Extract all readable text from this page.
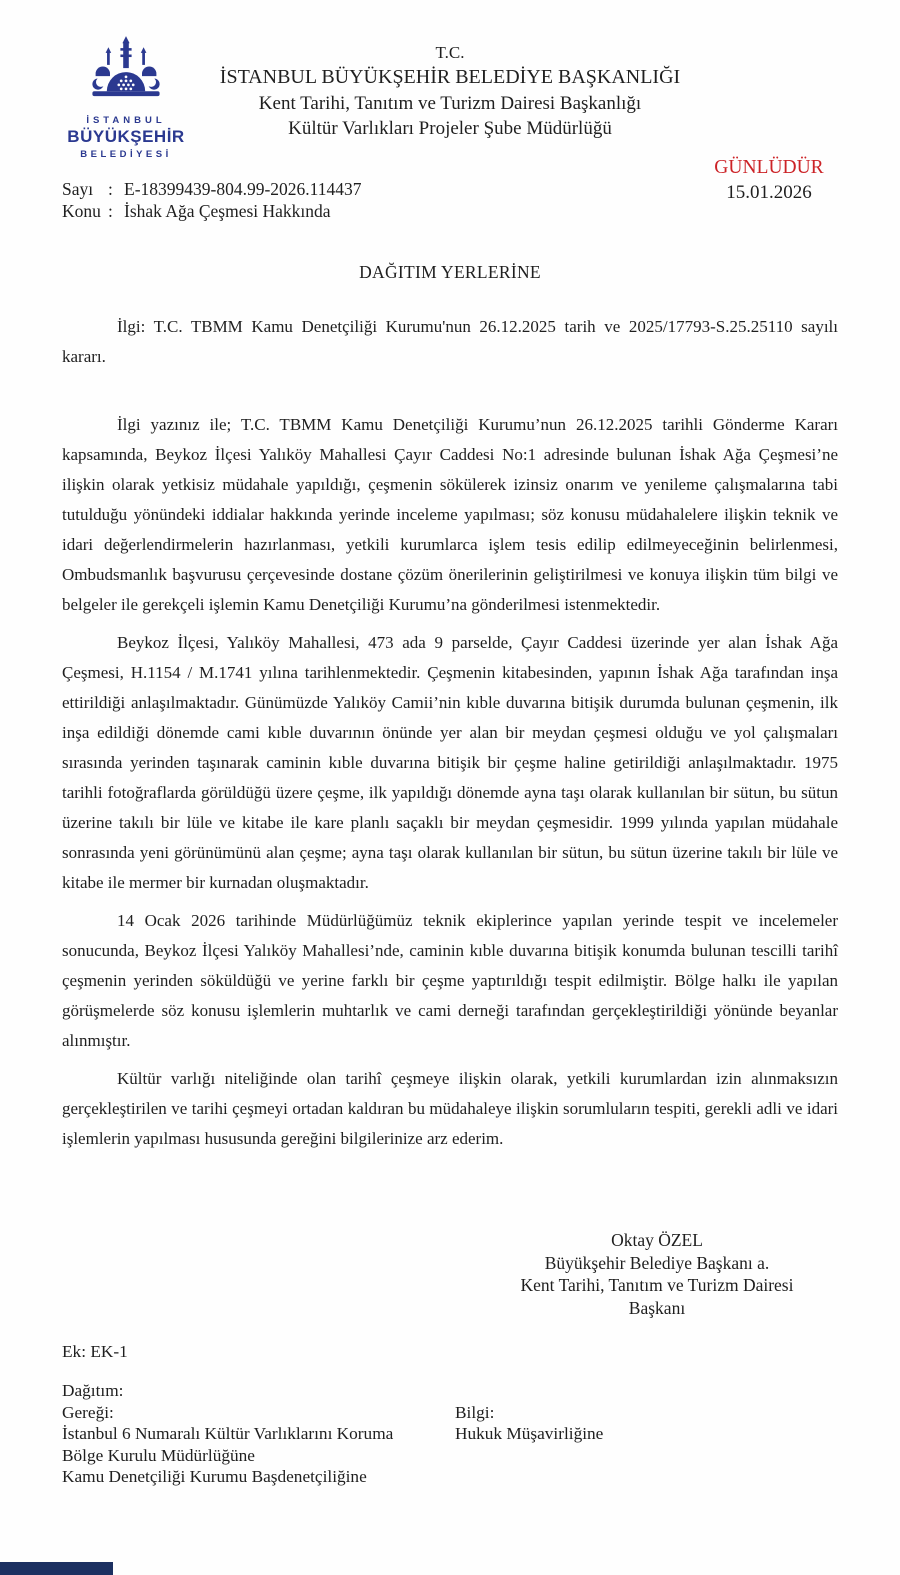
İSTANBUL
BÜYÜKŞEHİR
BELEDİYESİ
T.C.
İSTANBUL BÜYÜKŞEHİR BELEDİYE BAŞKANLIĞI
Kent Tarihi, Tanıtım ve Turizm Dairesi Başkanlığı
Kültür Varlıkları Projeler Şube Müdürlüğü
GÜNLÜDÜR
15.01.2026
Sayı : E-18399439-804.99-2026.114437
Konu : İshak Ağa Çeşmesi Hakkında
DAĞITIM YERLERİNE

İlgi: T.C. TBMM Kamu Denetçiliği Kurumu'nun 26.12.2025 tarih ve 2025/17793-S.25.25110 sayılı kararı.

İlgi yazınız ile; T.C. TBMM Kamu Denetçiliği Kurumu’nun 26.12.2025 tarihli Gönderme Kararı kapsamında, Beykoz İlçesi Yalıköy Mahallesi Çayır Caddesi No:1 adresinde bulunan İshak Ağa Çeşmesi’ne ilişkin olarak yetkisiz müdahale yapıldığı, çeşmenin sökülerek izinsiz onarım ve yenileme çalışmalarına tabi tutulduğu yönündeki iddialar hakkında yerinde inceleme yapılması; söz konusu müdahalelere ilişkin teknik ve idari değerlendirmelerin hazırlanması, yetkili kurumlarca işlem tesis edilip edilmeyeceğinin belirlenmesi, Ombudsmanlık başvurusu çerçevesinde dostane çözüm önerilerinin geliştirilmesi ve konuya ilişkin tüm bilgi ve belgeler ile gerekçeli işlemin Kamu Denetçiliği Kurumu’na gönderilmesi istenmektedir.

Beykoz İlçesi, Yalıköy Mahallesi, 473 ada 9 parselde, Çayır Caddesi üzerinde yer alan İshak Ağa Çeşmesi, H.1154 / M.1741 yılına tarihlenmektedir. Çeşmenin kitabesinden, yapının İshak Ağa tarafından inşa ettirildiği anlaşılmaktadır. Günümüzde Yalıköy Camii’nin kıble duvarına bitişik durumda bulunan çeşmenin, ilk inşa edildiği dönemde cami kıble duvarının önünde yer alan bir meydan çeşmesi olduğu ve yol çalışmaları sırasında yerinden taşınarak caminin kıble duvarına bitişik bir çeşme haline getirildiği anlaşılmaktadır. 1975 tarihli fotoğraflarda görüldüğü üzere çeşme, ilk yapıldığı dönemde ayna taşı olarak kullanılan bir sütun, bu sütun üzerine takılı bir lüle ve kitabe ile kare planlı saçaklı bir meydan çeşmesidir. 1999 yılında yapılan müdahale sonrasında yeni görünümünü alan çeşme; ayna taşı olarak kullanılan bir sütun, bu sütun üzerine takılı bir lüle ve kitabe ile mermer bir kurnadan oluşmaktadır.

14 Ocak 2026 tarihinde Müdürlüğümüz teknik ekiplerince yapılan yerinde tespit ve incelemeler sonucunda, Beykoz İlçesi Yalıköy Mahallesi’nde, caminin kıble duvarına bitişik konumda bulunan tescilli tarihî çeşmenin yerinden söküldüğü ve yerine farklı bir çeşme yaptırıldığı tespit edilmiştir. Bölge halkı ile yapılan görüşmelerde söz konusu işlemlerin muhtarlık ve cami derneği tarafından gerçekleştirildiği yönünde beyanlar alınmıştır.

Kültür varlığı niteliğinde olan tarihî çeşmeye ilişkin olarak, yetkili kurumlardan izin alınmaksızın gerçekleştirilen ve tarihi çeşmeyi ortadan kaldıran bu müdahaleye ilişkin sorumluların tespiti, gerekli adli ve idari işlemlerin yapılması hususunda gereğini bilgilerinize arz ederim.

Oktay ÖZEL
Büyükşehir Belediye Başkanı a.
Kent Tarihi, Tanıtım ve Turizm Dairesi
Başkanı
Ek: EK-1
Dağıtım:
Gereği:
İstanbul 6 Numaralı Kültür Varlıklarını Koruma Bölge Kurulu Müdürlüğüne
Kamu Denetçiliği Kurumu Başdenetçiliğine
Bilgi:
Hukuk Müşavirliğine
